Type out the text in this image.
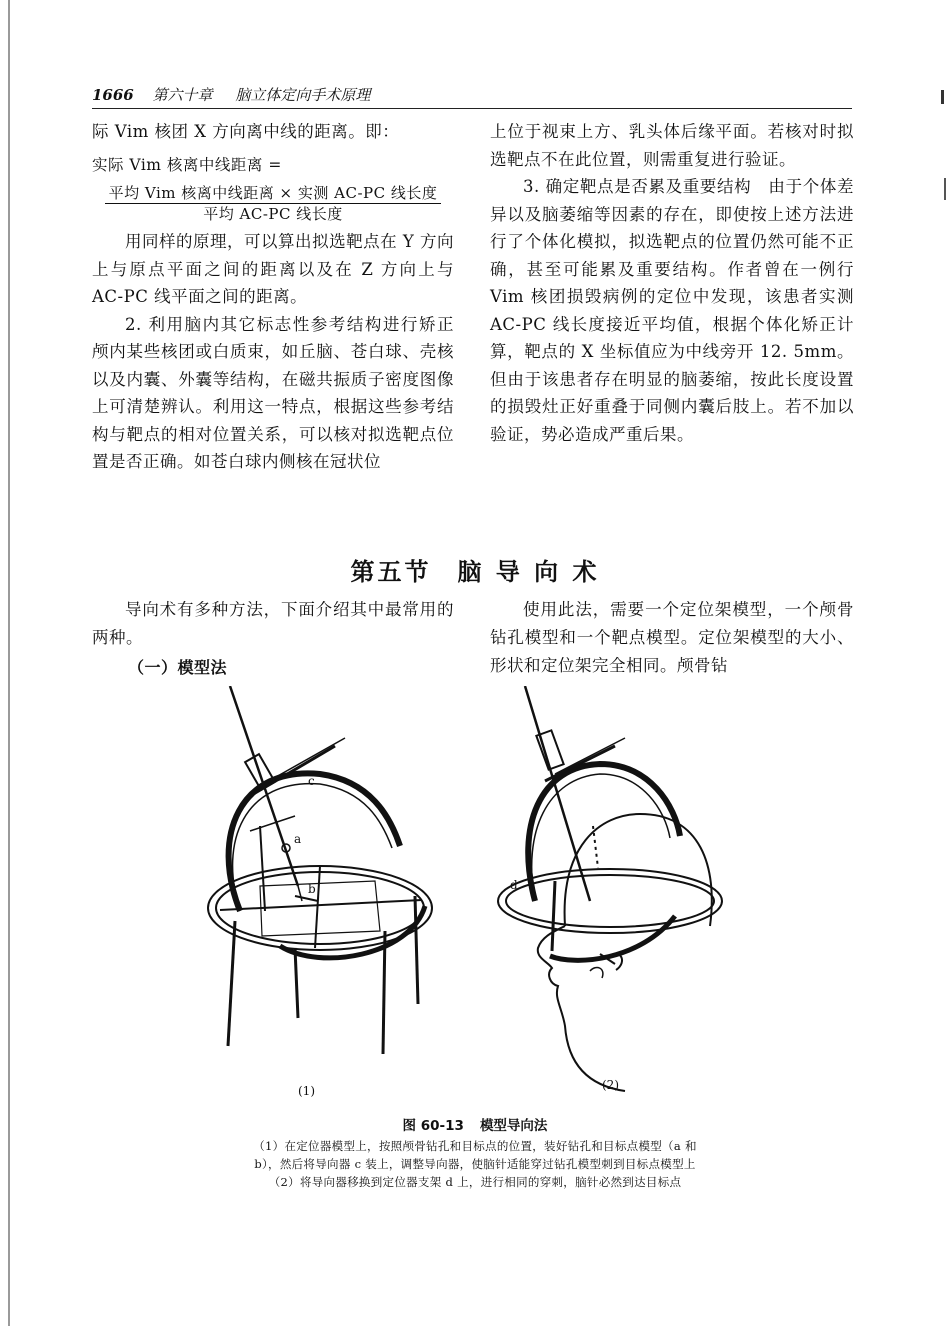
1666 第六十章 脑立体定向手术原理

际 Vim 核团 X 方向离中线的距离。即：

实际 Vim 核离中线距离 =

平均 Vim 核离中线距离 × 实测 AC-PC 线长度
平均 AC-PC 线长度

用同样的原理，可以算出拟选靶点在 Y 方向上与原点平面之间的距离以及在 Z 方向上与 AC-PC 线平面之间的距离。

2. 利用脑内其它标志性参考结构进行矫正　颅内某些核团或白质束，如丘脑、苍白球、壳核以及内囊、外囊等结构，在磁共振质子密度图像上可清楚辨认。利用这一特点，根据这些参考结构与靶点的相对位置关系，可以核对拟选靶点位置是否正确。如苍白球内侧核在冠状位

上位于视束上方、乳头体后缘平面。若核对时拟选靶点不在此位置，则需重复进行验证。

3. 确定靶点是否累及重要结构　由于个体差异以及脑萎缩等因素的存在，即使按上述方法进行了个体化模拟，拟选靶点的位置仍然可能不正确，甚至可能累及重要结构。作者曾在一例行 Vim 核团损毁病例的定位中发现，该患者实测 AC-PC 线长度接近平均值，根据个体化矫正计算，靶点的 X 坐标值应为中线旁开 12. 5mm。但由于该患者存在明显的脑萎缩，按此长度设置的损毁灶正好重叠于同侧内囊后肢上。若不加以验证，势必造成严重后果。

第五节 脑 导 向 术

导向术有多种方法，下面介绍其中最常用的两种。

（一）模型法

使用此法，需要一个定位架模型，一个颅骨钻孔模型和一个靶点模型。定位架模型的大小、形状和定位架完全相同。颅骨钻

c
a
b	d
(1)	(2)
图 60-13 模型导向法
（1）在定位器模型上，按照颅骨钻孔和目标点的位置，装好钻孔和目标点模型（a 和
b），然后将导向器 c 装上，调整导向器，使脑针适能穿过钻孔模型刺到目标点模型上
（2）将导向器移换到定位器支架 d 上，进行相同的穿刺，脑针必然到达目标点
